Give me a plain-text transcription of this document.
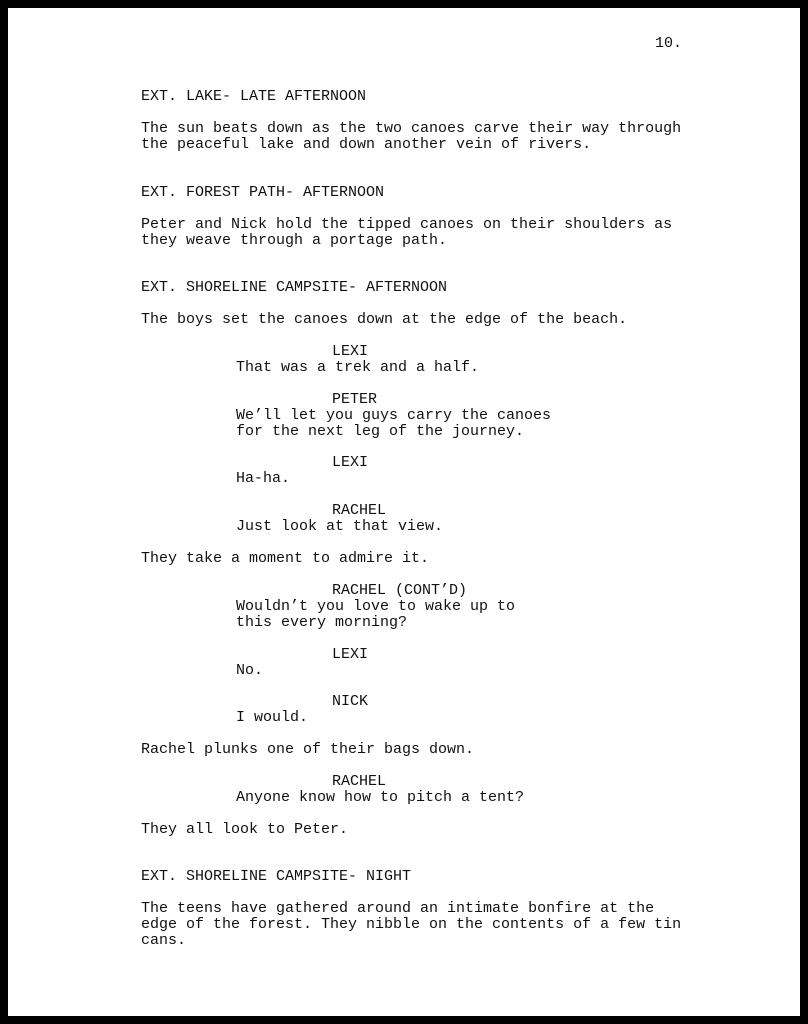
10.
EXT. LAKE- LATE AFTERNOON
The sun beats down as the two canoes carve their way through
the peaceful lake and down another vein of rivers.
EXT. FOREST PATH- AFTERNOON
Peter and Nick hold the tipped canoes on their shoulders as
they weave through a portage path.
EXT. SHORELINE CAMPSITE- AFTERNOON
The boys set the canoes down at the edge of the beach.
LEXI
That was a trek and a half.
PETER
We’ll let you guys carry the canoes
for the next leg of the journey.
LEXI
Ha-ha.
RACHEL
Just look at that view.
They take a moment to admire it.
RACHEL (CONT’D)
Wouldn’t you love to wake up to
this every morning?
LEXI
No.
NICK
I would.
Rachel plunks one of their bags down.
RACHEL
Anyone know how to pitch a tent?
They all look to Peter.
EXT. SHORELINE CAMPSITE- NIGHT
The teens have gathered around an intimate bonfire at the
edge of the forest. They nibble on the contents of a few tin
cans.
